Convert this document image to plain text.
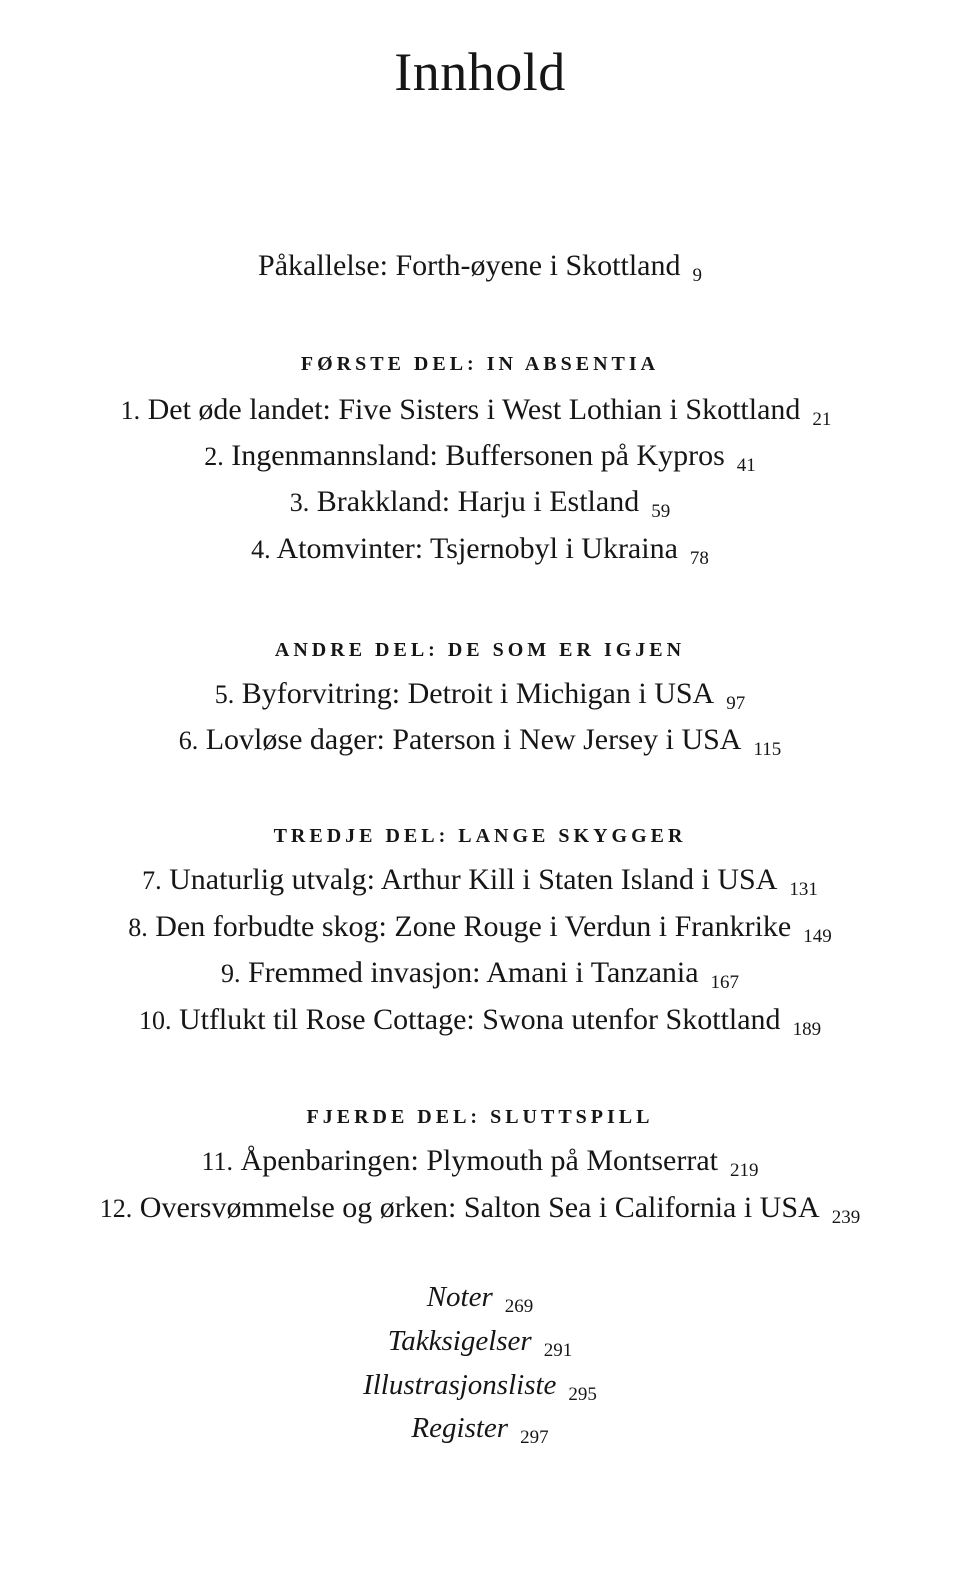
Innhold
Påkallelse: Forth-øyene i Skottland $_9$
FØRSTE DEL: IN ABSENTIA
1. Det øde landet: Five Sisters i West Lothian i Skottland $_{21}$
2. Ingenmannsland: Buffersonen på Kypros $_{41}$
3. Brakkland: Harju i Estland $_{59}$
4. Atomvinter: Tsjernobyl i Ukraina $_{78}$
ANDRE DEL: DE SOM ER IGJEN
5. Byforvitring: Detroit i Michigan i USA $_{97}$
6. Lovløse dager: Paterson i New Jersey i USA $_{115}$
TREDJE DEL: LANGE SKYGGER
7. Unaturlig utvalg: Arthur Kill i Staten Island i USA $_{131}$
8. Den forbudte skog: Zone Rouge i Verdun i Frankrike $_{149}$
9. Fremmed invasjon: Amani i Tanzania $_{167}$
10. Utflukt til Rose Cottage: Swona utenfor Skottland $_{189}$
FJERDE DEL: SLUTTSPILL
11. Åpenbaringen: Plymouth på Montserrat $_{219}$
12. Oversvømmelse og ørken: Salton Sea i California i USA $_{239}$
Noter $_{269}$
Takksigelser $_{291}$
Illustrasjonsliste $_{295}$
Register $_{297}$
